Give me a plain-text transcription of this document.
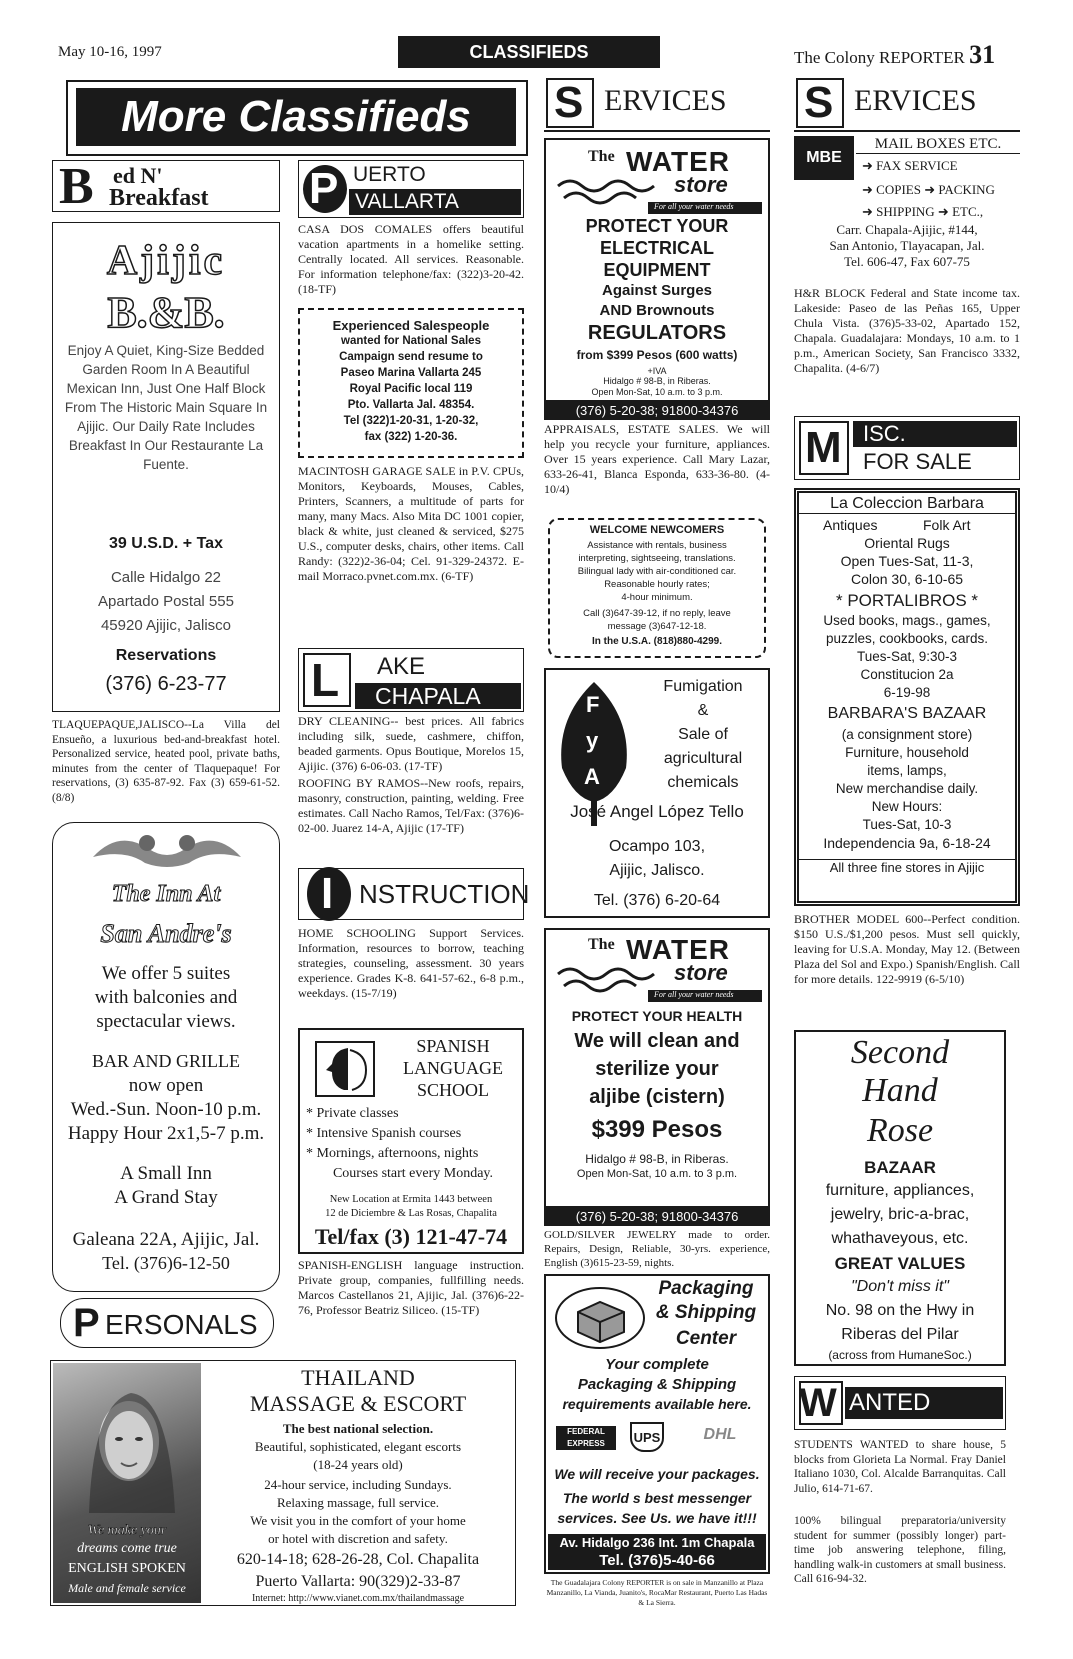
May 10-16, 1997	CLASSIFIEDS	The Colony REPORTER 31
More Classifieds
B ed N'
Breakfast
Ajijic
B.&B.
Enjoy A Quiet, King-Size Bedded Garden Room In A Beautiful Mexican Inn, Just One Half Block From The Historic Main Square In Ajijic. Our Daily Rate Includes Breakfast In Our Restaurante La Fuente.
39 U.S.D. + Tax
Calle Hidalgo 22
Apartado Postal 555
45920 Ajijic, Jalisco
Reservations
(376) 6-23-77
TLAQUEPAQUE,JALISCO--La Villa del Ensueño, a luxurious bed-and-breakfast hotel. Personalized service, heated pool, private baths, minutes from the center of Tlaquepaque! For reservations, (3) 635-87-92. Fax (3) 659-61-52. (8/8)
The Inn At
San Andre's
We offer 5 suites
with balconies and
spectacular views.
BAR AND GRILLE
now open
Wed.-Sun. Noon-10 p.m.
Happy Hour 2x1,5-7 p.m.
A Small Inn
A Grand Stay
Galeana 22A, Ajijic, Jal.
Tel. (376)6-12-50
P ERSONALS
We make your
dreams come true
ENGLISH SPOKEN
Male and female service
THAILAND
MASSAGE & ESCORT
The best national selection.
Beautiful, sophisticated, elegant escorts
(18-24 years old)
24-hour service, including Sundays.
Relaxing massage, full service.
We visit you in the comfort of your home
or hotel with discretion and safety.
620-14-18; 628-26-28, Col. Chapalita
Puerto Vallarta: 90(329)2-33-87
Internet: http://www.vianet.com.mx/thailandmassage
P UERTO
VALLARTA
CASA DOS COMALES offers beautiful vacation apartments in a homelike setting. Centrally located. All services. Reasonable. For information telephone/fax: (322)3-20-42. (18-TF)
Experienced Salespeople
wanted for National Sales
Campaign send resume to
Paseo Marina Vallarta 245
Royal Pacific local 119
Pto. Vallarta Jal. 48354.
Tel (322)1-20-31, 1-20-32,
fax (322) 1-20-36.
MACINTOSH GARAGE SALE in P.V. CPUs, Monitors, Keyboards, Mouses, Cables, Printers, Scanners, a multitude of parts for many, many Macs. Also Mita DC 1001 copier, black & white, just cleaned & serviced, $275 U.S., computer desks, chairs, other items. Call Randy: (322)2-36-04; Cel. 91-329-24372. E-mail Morraco.pvnet.com.mx. (6-TF)
L AKE
CHAPALA
DRY CLEANING-- best prices. All fabrics including silk, suede, cashmere, chiffon, beaded garments. Opus Boutique, Morelos 15, Ajijic. (376) 6-06-03. (17-TF)
ROOFING BY RAMOS--New roofs, repairs, masonry, construction, painting, welding. Free estimates. Call Nacho Ramos, Tel/Fax: (376)6-02-00. Juarez 14-A, Ajijic (17-TF)
I NSTRUCTION
HOME SCHOOLING Support Services. Information, resources to borrow, teaching strategies, counseling, assessment. 30 years experience. Grades K-8. 641-57-62., 6-8 p.m., weekdays. (15-7/19)
SPANISH
LANGUAGE
SCHOOL
* Private classes
* Intensive Spanish courses
* Mornings, afternoons, nights
Courses start every Monday.
New Location at Ermita 1443 between
12 de Diciembre & Las Rosas, Chapalita
Tel/fax (3) 121-47-74
SPANISH-ENGLISH language instruction. Private group, companies, fullfilling needs. Marcos Castellanos 21, Ajijic, Jal. (376)6-22-76, Professor Beatriz Siliceo. (15-TF)
S ERVICES
The WATER
store
For all your water needs
PROTECT YOUR
ELECTRICAL
EQUIPMENT
Against Surges
AND Brownouts
REGULATORS
from $399 Pesos (600 watts)
+IVA
Hidalgo # 98-B, in Riberas.
Open Mon-Sat, 10 a.m. to 3 p.m.
(376) 5-20-38; 91800-34376
APPRAISALS, ESTATE SALES. We will help you recycle your furniture, appliances. Over 15 years experience. Call Mary Lazar, 633-26-41, Blanca Esponda, 633-36-80. (4-10/4)
WELCOME NEWCOMERS
Assistance with rentals, business
interpreting, sightseeing, translations.
Bilingual lady with air-conditioned car.
Reasonable hourly rates;
4-hour minimum.
Call (3)647-39-12, if no reply, leave
message (3)647-12-18.
In the U.S.A. (818)880-4299.
F
y
A
Fumigation
&
Sale of
agricultural
chemicals
José Angel López Tello
Ocampo 103,
Ajijic, Jalisco.
Tel. (376) 6-20-64
The WATER
store
For all your water needs
PROTECT YOUR HEALTH
We will clean and
sterilize your
aljibe (cistern)
$399 Pesos
Hidalgo # 98-B, in Riberas.
Open Mon-Sat, 10 a.m. to 3 p.m.
(376) 5-20-38; 91800-34376
GOLD/SILVER JEWELRY made to order. Repairs, Design, Reliable, 30-yrs. experience, English (3)615-23-59, nights.
Packaging
& Shipping
Center
Your complete
Packaging & Shipping
requirements available here.
FEDERAL EXPRESS	UPS	DHL
We will receive your packages.
The world s best messenger
services. See Us. we have it!!!
Av. Hidalgo 236 Int. 1m Chapala
Tel. (376)5-40-66
The Guadalajara Colony REPORTER is on sale in Manzanillo at Plaza Manzanillo, La Vianda, Juanito's, RocaMar Restaurant, Puerto Las Hadas & La Sierra.
S ERVICES
MBE
MAIL BOXES ETC.
➜ FAX SERVICE
➜ COPIES ➜ PACKING
➜ SHIPPING ➜ ETC.,
Carr. Chapala-Ajijic, #144,
San Antonio, Tlayacapan, Jal.
Tel. 606-47, Fax 607-75
H&R BLOCK Federal and State income tax. Lakeside: Paseo de las Peñas 165, Upper Chula Vista. (376)5-33-02, Apartado 152, Chapala. Guadalajara: Mondays, 10 a.m. to 1 p.m., American Society, San Francisco 3332, Chapalita. (4-6/7)
M ISC.
FOR SALE
La Coleccion Barbara
Antiques	Folk Art
Oriental Rugs
Open Tues-Sat, 11-3,
Colon 30, 6-10-65
* PORTALIBROS *
Used books, mags., games,
puzzles, cookbooks, cards.
Tues-Sat, 9:30-3
Constitucion 2a
6-19-98
BARBARA'S BAZAAR
(a consignment store)
Furniture, household
items, lamps,
New merchandise daily.
New Hours:
Tues-Sat, 10-3
Independencia 9a, 6-18-24
All three fine stores in Ajijic
BROTHER MODEL 600--Perfect condition. $150 U.S./$1,200 pesos. Must sell quickly, leaving for U.S.A. Monday, May 12. (Between Plaza del Sol and Expo.) Spanish/English. Call for more details. 122-9919 (6-5/10)
Second
Hand
Rose
BAZAAR
furniture, appliances,
jewelry, bric-a-brac,
whathaveyous, etc.
GREAT VALUES
"Don't miss it"
No. 98 on the Hwy in
Riberas del Pilar
(across from HumaneSoc.)
W ANTED
STUDENTS WANTED to share house, 5 blocks from Glorieta La Normal. Fray Daniel Italiano 1030, Col. Alcalde Barranquitas. Call Julio, 614-71-67.
100% bilingual preparatoria/university student for summer (possibly longer) part-time job answering telephone, filing, handling walk-in customers at small business. Call 616-94-32.
